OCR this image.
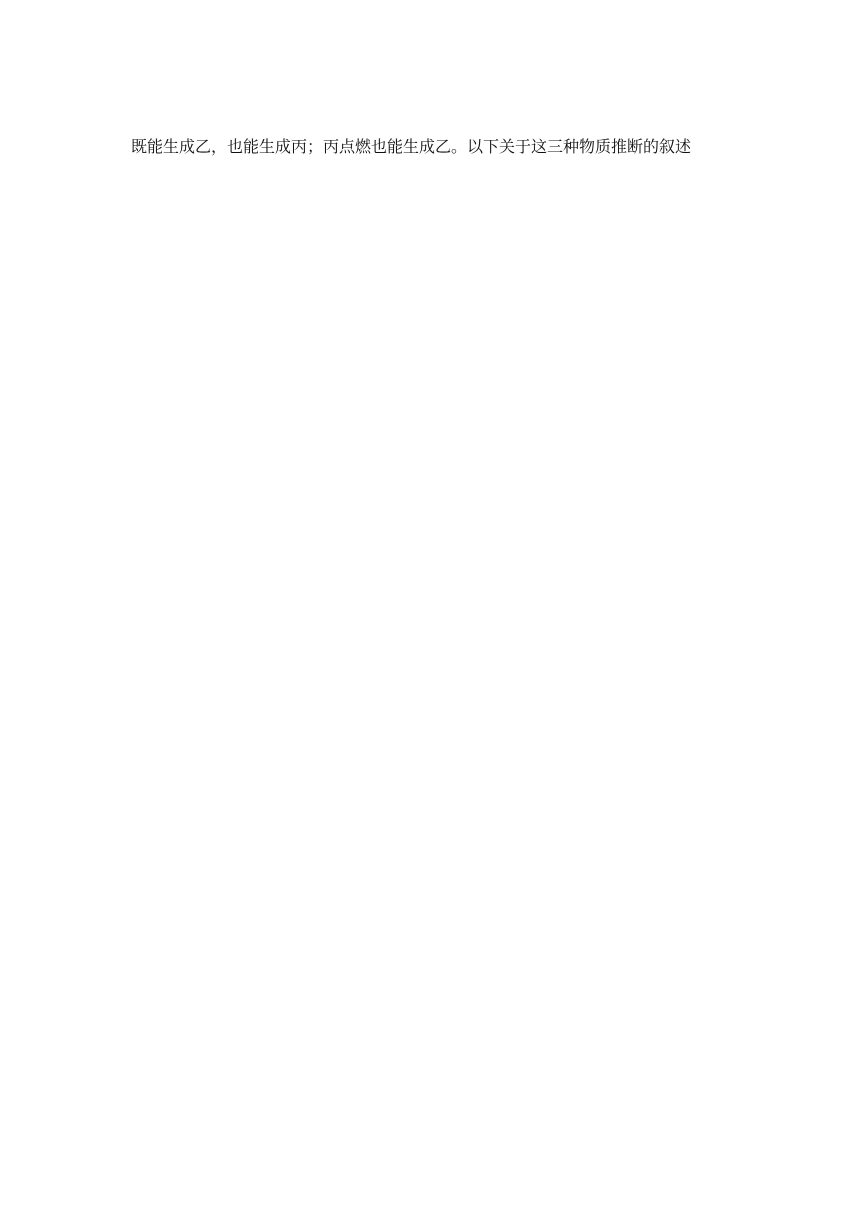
既能生成乙，也能生成丙；丙点燃也能生成乙。以下关于这三种物质推断的叙述
